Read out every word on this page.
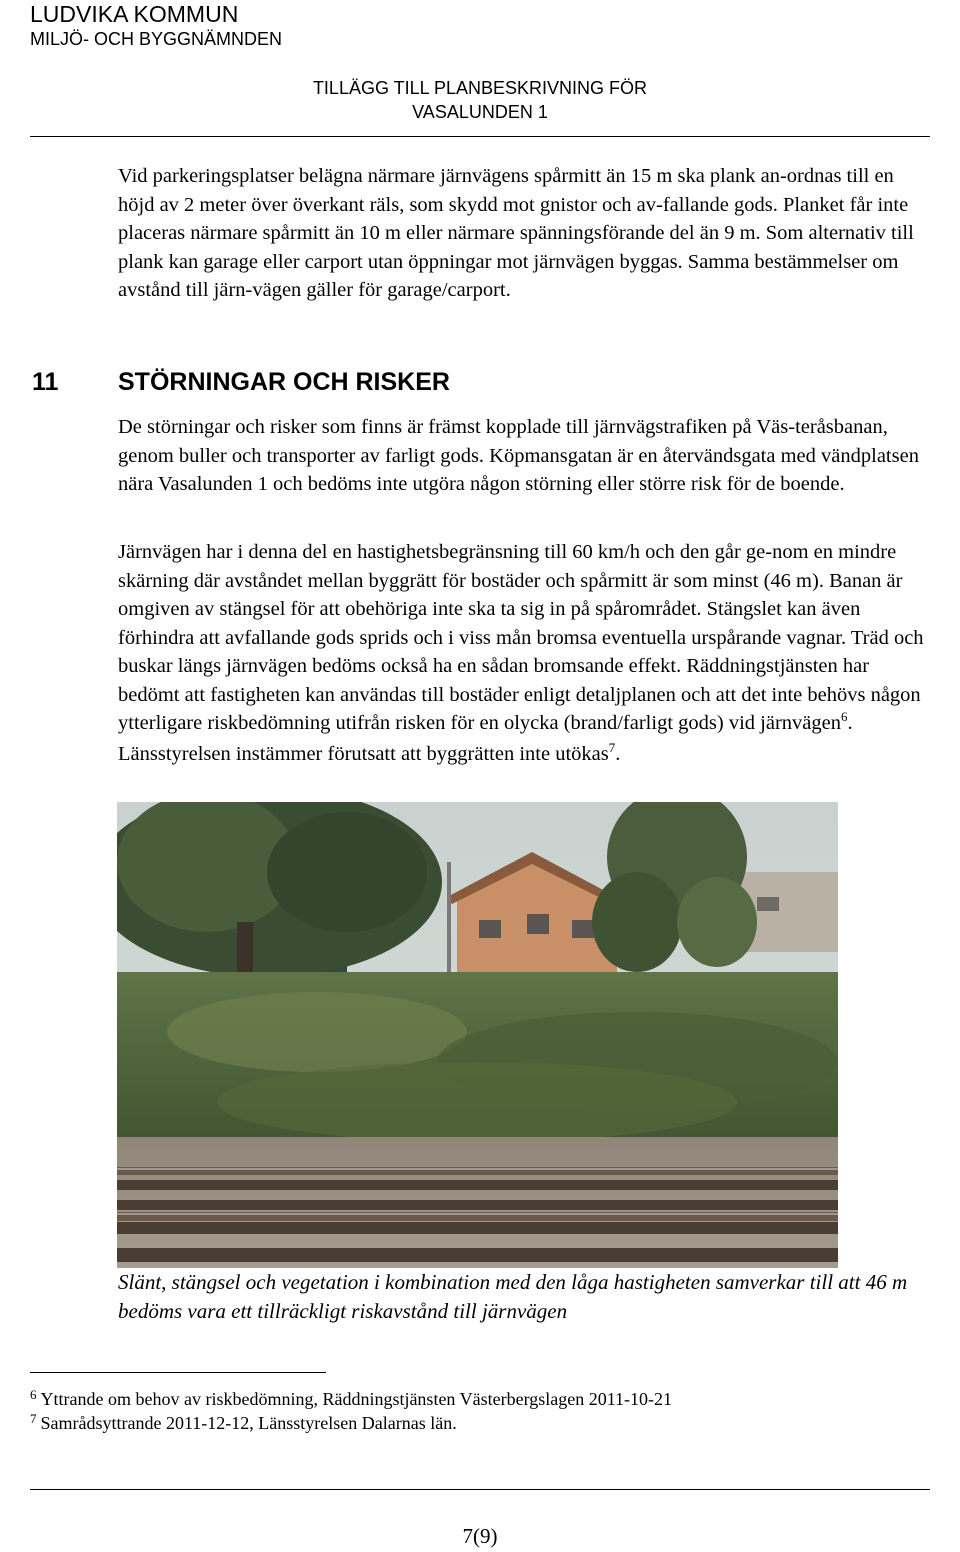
LUDVIKA KOMMUN
MILJÖ- OCH BYGGNÄMNDEN
TILLÄGG TILL PLANBESKRIVNING FÖR
VASALUNDEN 1

Vid parkeringsplatser belägna närmare järnvägens spårmitt än 15 m ska plank an-ordnas till en höjd av 2 meter över överkant räls, som skydd mot gnistor och av-fallande gods. Planket får inte placeras närmare spårmitt än 10 m eller närmare spänningsförande del än 9 m. Som alternativ till plank kan garage eller carport utan öppningar mot järnvägen byggas. Samma bestämmelser om avstånd till järn-vägen gäller för garage/carport.

11 STÖRNINGAR OCH RISKER

De störningar och risker som finns är främst kopplade till järnvägstrafiken på Väs-teråsbanan, genom buller och transporter av farligt gods. Köpmansgatan är en återvändsgata med vändplatsen nära Vasalunden 1 och bedöms inte utgöra någon störning eller större risk för de boende.

Järnvägen har i denna del en hastighetsbegränsning till 60 km/h och den går ge-nom en mindre skärning där avståndet mellan byggrätt för bostäder och spårmitt är som minst (46 m). Banan är omgiven av stängsel för att obehöriga inte ska ta sig in på spårområdet. Stängslet kan även förhindra att avfallande gods sprids och i viss mån bromsa eventuella urspårande vagnar. Träd och buskar längs järnvägen bedöms också ha en sådan bromsande effekt. Räddningstjänsten har bedömt att fastigheten kan användas till bostäder enligt detaljplanen och att det inte behövs någon ytterligare riskbedömning utifrån risken för en olycka (brand/farligt gods) vid järnvägen$^6$. Länsstyrelsen instämmer förutsatt att byggrätten inte utökas$^7$.

Slänt, stängsel och vegetation i kombination med den låga hastigheten samverkar till att 46 m bedöms vara ett tillräckligt riskavstånd till järnvägen

$^6$ Yttrande om behov av riskbedömning, Räddningstjänsten Västerbergslagen 2011-10-21
$^7$ Samrådsyttrande 2011-12-12, Länsstyrelsen Dalarnas län.
7(9)
